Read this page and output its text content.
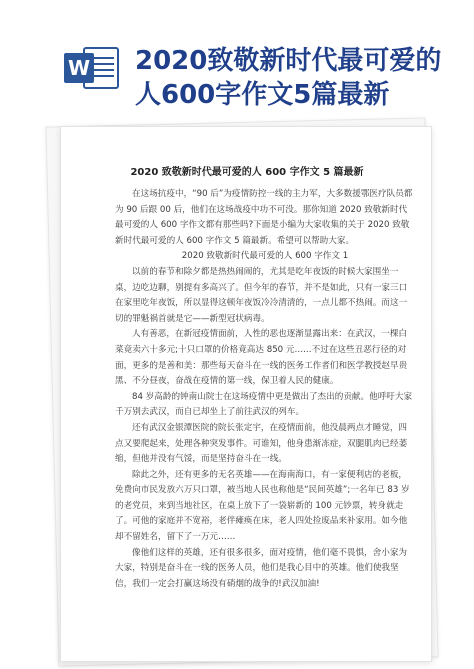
W 2020致敬新时代最可爱的
人600字作文5篇最新
2020 致敬新时代最可爱的人 600 字作文 5 篇最新

在这场抗疫中，“90 后”为疫情防控一线的主力军，大多数援鄂医疗队员都为 90 后跟 00 后，他们在这场战疫中功不可没。那你知道 2020 致敬新时代最可爱的人 600 字作文都有那些吗?下面是小编为大家收集的关于 2020 致敬新时代最可爱的人 600 字作文 5 篇最新。希望可以帮助大家。

2020 致敬新时代最可爱的人 600 字作文 1

以前的春节和除夕都是热热闹闹的，尤其是吃年夜饭的时候大家围坐一桌，边吃边聊，别提有多高兴了。但今年的春节，并不是如此，只有一家三口在家里吃年夜饭，所以显得这顿年夜饭冷冷清清的，一点儿都不热闹。而这一切的罪魁祸首就是它——新型冠状病毒。

人有善恶，在新冠疫情面前，人性的恶也逐渐显露出来：在武汉，一棵白菜竟卖六十多元;十只口罩的价格竟高达 850 元……不过在这些丑恶行径的对面，更多的是善和美：那些每天奋斗在一线的医务工作者们和医学教授赵早贵黑、不分昼夜，奋战在疫情的第一线，保卫着人民的健康。

84 岁高龄的钟南山院士在这场疫情中更是做出了杰出的贡献。他呼吁大家千万别去武汉，而自已却坐上了前往武汉的列车。

还有武汉金银潭医院的院长张定宇，在疫情面前，他没晨两点才睡觉，四点又要爬起来，处理各种突发事件。可谁知，他身患渐冻症，双腿肌肉已经萎缩，但他并没有气馁，而是坚持奋斗在一线。

除此之外，还有更多的无名英雄——在海南海口，有一家便利店的老板，免费向市民发放六万只口罩，被当地人民也称他是“民间英雄”;一名年已 83 岁的老党员，来到当地社区，在桌上放下了一袋崭新的 100 元钞票，转身就走了。可他的家庭并不宽裕，老伴瘫痪在床，老人四处捡废品来补家用。如今他却不留姓名，留下了一万元……

像他们这样的英雄，还有很多很多，面对疫情，他们毫不畏惧，舍小家为大家，特别是奋斗在一线的医务人员，他们是我心目中的英雄。他们使我坚信，我们一定会打赢这场没有硝烟的战争的!武汉加油!
